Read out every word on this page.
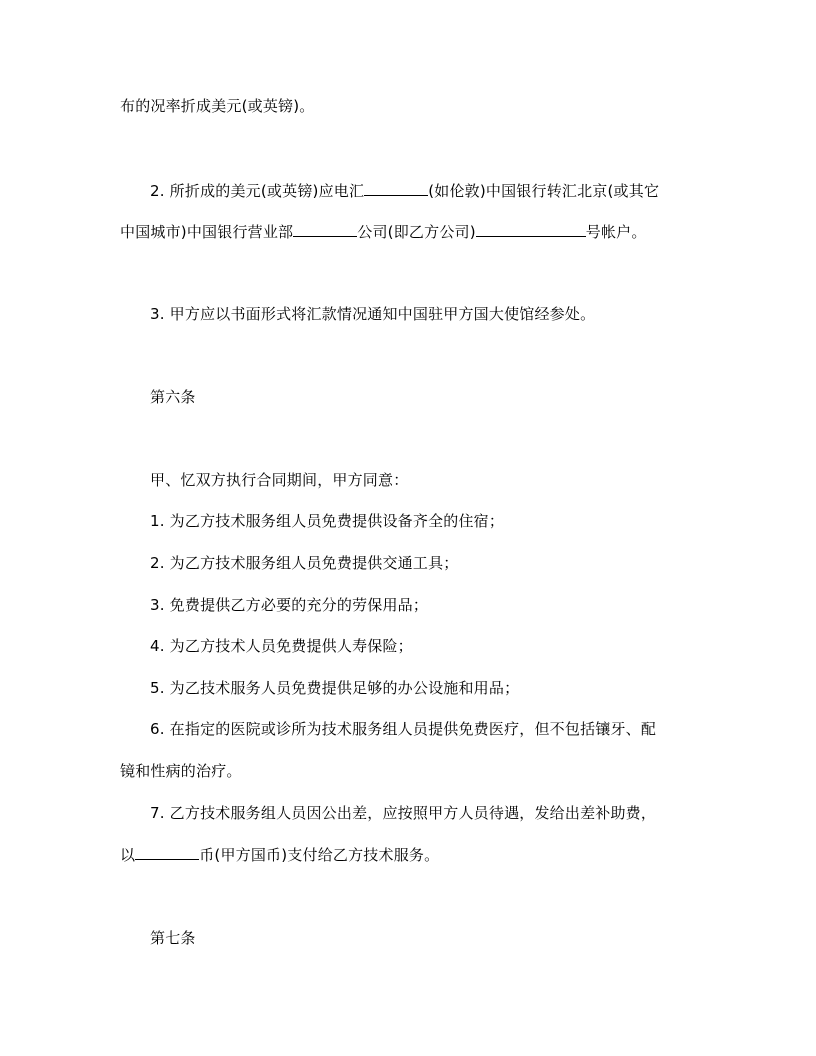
布的况率折成美元(或英镑)。
2. 所折成的美元(或英镑)应电汇	(如伦敦)中国银行转汇北京(或其它
中国城市)中国银行营业部	公司(即乙方公司)	号帐户。
3. 甲方应以书面形式将汇款情况通知中国驻甲方国大使馆经参处。
第六条
甲、忆双方执行合同期间，甲方同意：
1. 为乙方技术服务组人员免费提供设备齐全的住宿；
2. 为乙方技术服务组人员免费提供交通工具；
3. 免费提供乙方必要的充分的劳保用品；
4. 为乙方技术人员免费提供人寿保险；
5. 为乙技术服务人员免费提供足够的办公设施和用品；
6. 在指定的医院或诊所为技术服务组人员提供免费医疗，但不包括镶牙、配
镜和性病的治疗。
7. 乙方技术服务组人员因公出差，应按照甲方人员待遇，发给出差补助费，
以	币(甲方国币)支付给乙方技术服务。
第七条
